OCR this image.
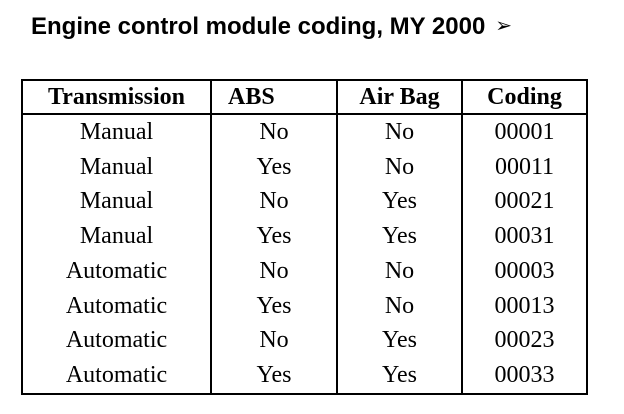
Engine control module coding, MY 2000 ➢
Transmission	ABS	Air Bag	Coding
Manual	No	No	00001
Manual	Yes	No	00011
Manual	No	Yes	00021
Manual	Yes	Yes	00031
Automatic	No	No	00003
Automatic	Yes	No	00013
Automatic	No	Yes	00023
Automatic	Yes	Yes	00033
